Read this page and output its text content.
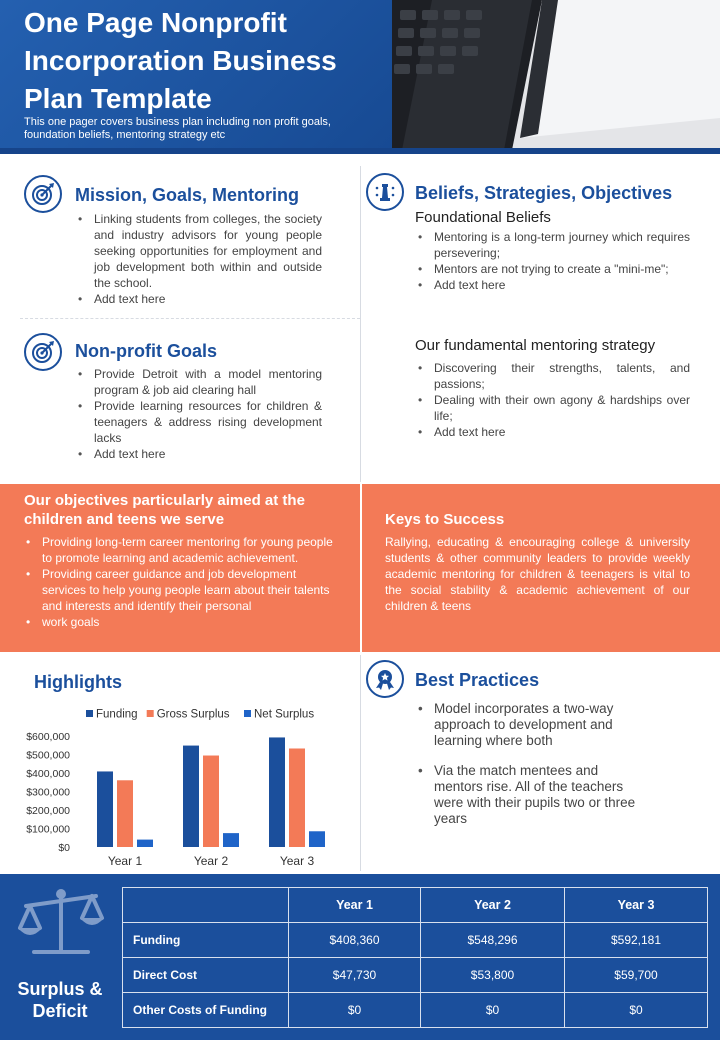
One Page Nonprofit Incorporation Business Plan Template
This one pager covers business plan including non profit goals, foundation beliefs, mentoring strategy etc
Mission, Goals, Mentoring
• Linking students from colleges, the society and industry advisors for young people seeking opportunities for employment and job development both within and outside the school.
• Add text here
Non-profit Goals
• Provide Detroit with a model mentoring program & job aid clearing hall
• Provide learning resources for children & teenagers & address rising development lacks
• Add text here
Beliefs, Strategies, Objectives
Foundational Beliefs
• Mentoring is a long-term journey which requires persevering;
• Mentors are not trying to create a "mini-me";
• Add text here
Our fundamental mentoring strategy
• Discovering their strengths, talents, and passions;
• Dealing with their own agony & hardships over life;
• Add text here
Our objectives particularly aimed at the children and teens we serve
• Providing long-term career mentoring for young people to promote learning and academic achievement.
• Providing career guidance and job development services to help young people learn about their talents and interests and identify their personal
• work goals
Keys to Success
Rallying, educating & encouraging college & university students & other community leaders to provide weekly academic mentoring for children & teenagers is vital to the social stability & academic achievement of our children & teens
Highlights
Funding Gross Surplus Net Surplus
$0
$100,000
$200,000
$300,000
$400,000
$500,000
$600,000
Year 1	Year 2	Year 3
Best Practices
• Model incorporates a two-way approach to development and learning where both
• Via the match mentees and mentors rise. All of the teachers were with their pupils two or three years
Surplus & Deficit
	Year 1	Year 2	Year 3
Funding	$408,360	$548,296	$592,181
Direct Cost	$47,730	$53,800	$59,700
Other Costs of Funding	$0	$0	$0
